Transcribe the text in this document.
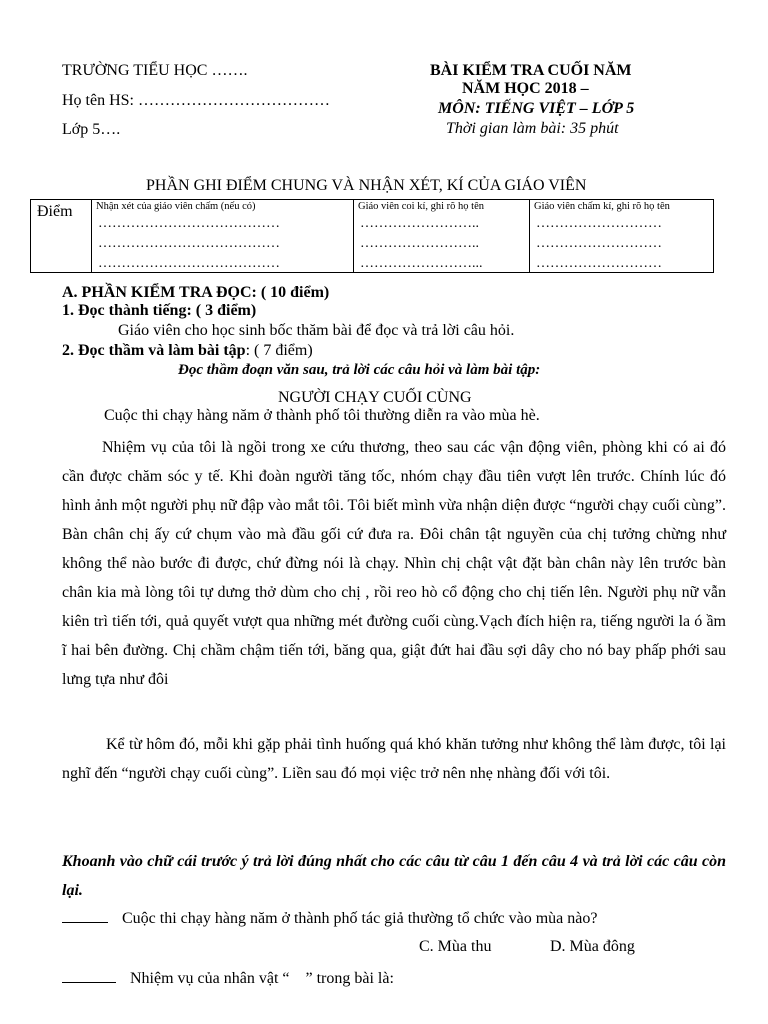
TRƯỜNG TIỂU HỌC …….
Họ tên HS: ………………………………
Lớp 5….
BÀI KIỂM TRA CUỐI NĂM
NĂM HỌC 2018 –
MÔN: TIẾNG VIỆT – LỚP 5
Thời gian làm bài: 35 phút
PHẦN GHI ĐIỂM CHUNG VÀ NHẬN XÉT, KÍ CỦA GIÁO VIÊN
Điểm Nhận xét của giáo viên chấm (nếu có)
…………………………………
…………………………………
…………………………………
Giáo viên coi kí, ghi rõ họ tên
……………………..
……………………..
……………………...
Giáo viên chấm kí, ghi rõ họ tên
………………………
………………………
………………………
A. PHẦN KIỂM TRA ĐỌC: ( 10 điểm)
1. Đọc thành tiếng: ( 3 điểm)
Giáo viên cho học sinh bốc thăm bài để đọc và trả lời câu hỏi.
2. Đọc thầm và làm bài tập: ( 7 điểm)
Đọc thầm đoạn văn sau, trả lời các câu hỏi và làm bài tập:
NGƯỜI CHẠY CUỐI CÙNG
Cuộc thi chạy hàng năm ở thành phố tôi thường diễn ra vào mùa hè.
Nhiệm vụ của tôi là ngồi trong xe cứu thương, theo sau các vận động viên, phòng khi có ai đó cần được chăm sóc y tế. Khi đoàn người tăng tốc, nhóm chạy đầu tiên vượt lên trước. Chính lúc đó hình ảnh một người phụ nữ đập vào mắt tôi. Tôi biết mình vừa nhận diện được “người chạy cuối cùng”. Bàn chân chị ấy cứ chụm vào mà đầu gối cứ đưa ra. Đôi chân tật nguyền của chị tưởng chừng như không thể nào bước đi được, chứ đừng nói là chạy. Nhìn chị chật vật đặt bàn chân này lên trước bàn chân kia mà lòng tôi tự dưng thở dùm cho chị , rồi reo hò cổ động cho chị tiến lên. Người phụ nữ vẫn kiên trì tiến tới, quả quyết vượt qua những mét đường cuối cùng.Vạch đích hiện ra, tiếng người la ó ầm ĩ hai bên đường. Chị chầm chậm tiến tới, băng qua, giật đứt hai đầu sợi dây cho nó bay phấp phới sau lưng tựa như đôi
Kể từ hôm đó, mỗi khi gặp phải tình huống quá khó khăn tưởng như không thể làm được, tôi lại nghĩ đến “người chạy cuối cùng”. Liền sau đó mọi việc trở nên nhẹ nhàng đối với tôi.
Khoanh vào chữ cái trước ý trả lời đúng nhất cho các câu từ câu 1 đến câu 4 và trả lời các câu còn lại.
Cuộc thi chạy hàng năm ở thành phố tác giả thường tổ chức vào mùa nào?
C. Mùa thu	D. Mùa đông
Nhiệm vụ của nhân vật “ ” trong bài là:
